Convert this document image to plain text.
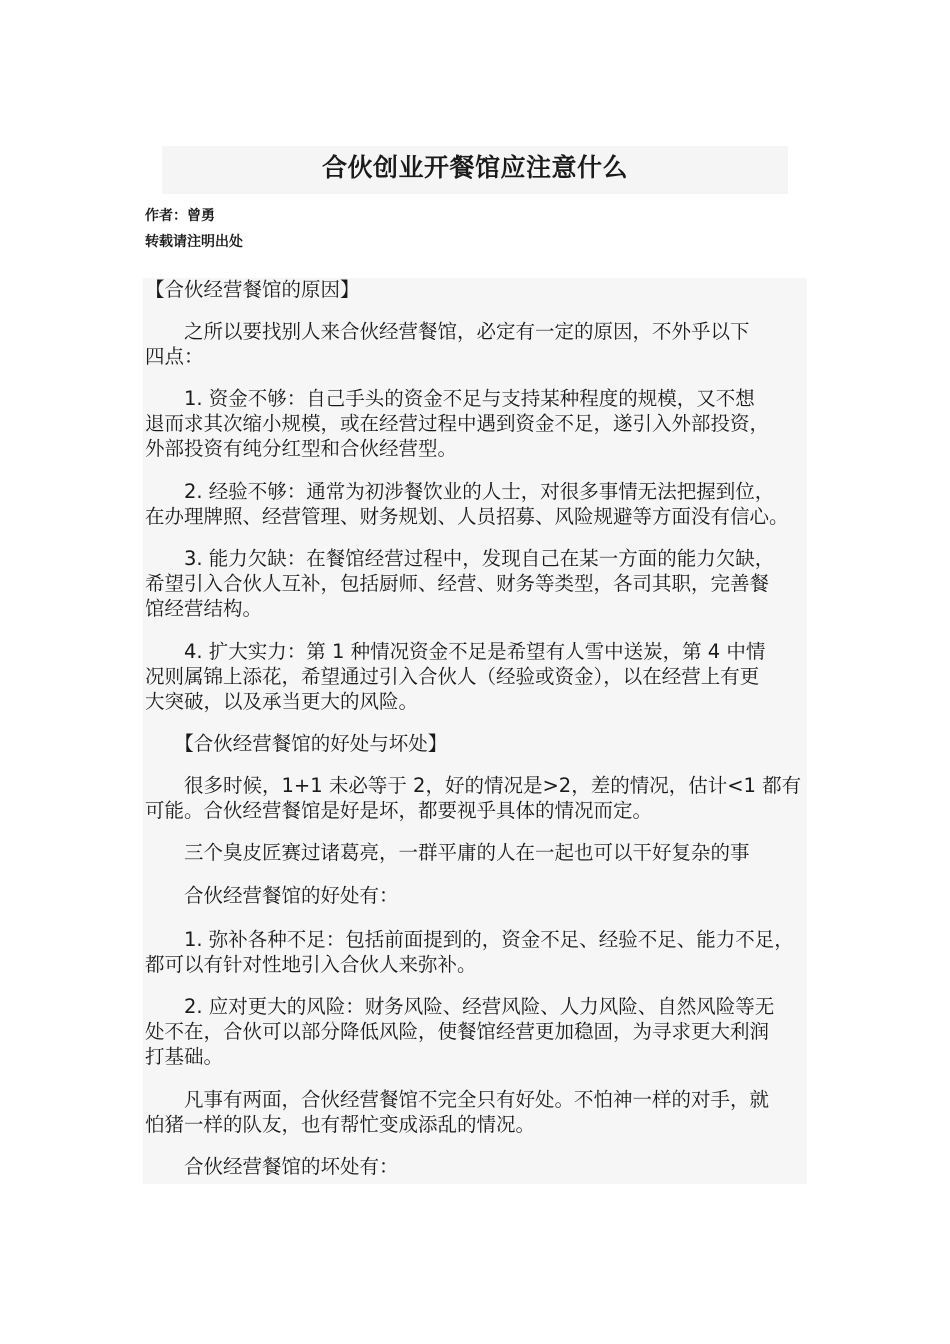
合伙创业开餐馆应注意什么
作者：曾勇
转载请注明出处
【合伙经营餐馆的原因】
　　之所以要找别人来合伙经营餐馆，必定有一定的原因，不外乎以下
四点：
　　1. 资金不够：自己手头的资金不足与支持某种程度的规模，又不想
退而求其次缩小规模，或在经营过程中遇到资金不足，遂引入外部投资，
外部投资有纯分红型和合伙经营型。
　　2. 经验不够：通常为初涉餐饮业的人士，对很多事情无法把握到位，
在办理牌照、经营管理、财务规划、人员招募、风险规避等方面没有信心。
　　3. 能力欠缺：在餐馆经营过程中，发现自己在某一方面的能力欠缺，
希望引入合伙人互补，包括厨师、经营、财务等类型，各司其职，完善餐
馆经营结构。
　　4. 扩大实力：第 1 种情况资金不足是希望有人雪中送炭，第 4 中情
况则属锦上添花，希望通过引入合伙人（经验或资金），以在经营上有更
大突破，以及承当更大的风险。
　　【合伙经营餐馆的好处与坏处】
　　很多时候，1+1 未必等于 2，好的情况是>2，差的情况，估计<1 都有
可能。合伙经营餐馆是好是坏，都要视乎具体的情况而定。
　　三个臭皮匠赛过诸葛亮，一群平庸的人在一起也可以干好复杂的事
　　合伙经营餐馆的好处有：
　　1. 弥补各种不足：包括前面提到的，资金不足、经验不足、能力不足，
都可以有针对性地引入合伙人来弥补。
　　2. 应对更大的风险：财务风险、经营风险、人力风险、自然风险等无
处不在，合伙可以部分降低风险，使餐馆经营更加稳固，为寻求更大利润
打基础。
　　凡事有两面，合伙经营餐馆不完全只有好处。不怕神一样的对手，就
怕猪一样的队友，也有帮忙变成添乱的情况。
　　合伙经营餐馆的坏处有：
